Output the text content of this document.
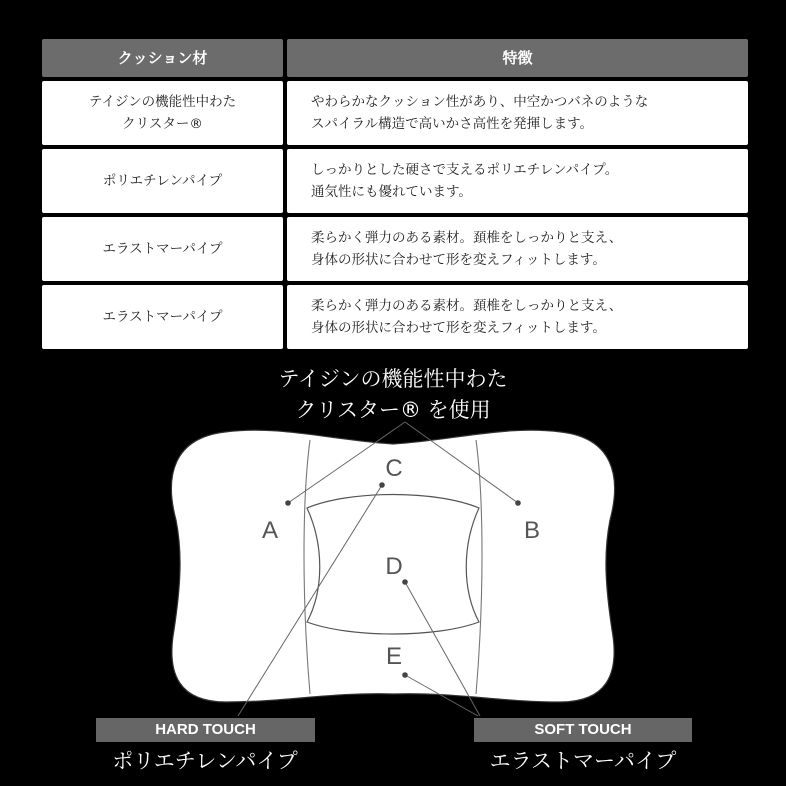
クッション材	特徴
テイジンの機能性中わた
クリスター®
やわらかなクッション性があり、中空かつバネのような
スパイラル構造で高いかさ高性を発揮します。
ポリエチレンパイプ
しっかりとした硬さで支えるポリエチレンパイプ。
通気性にも優れています。
エラストマーパイプ
柔らかく弾力のある素材。頚椎をしっかりと支え、
身体の形状に合わせて形を変えフィットします。
エラストマーパイプ
柔らかく弾力のある素材。頚椎をしっかりと支え、
身体の形状に合わせて形を変えフィットします。
テイジンの機能性中わた
クリスター® を使用
A	B
C
D
E
HARD TOUCH
ポリエチレンパイプ
SOFT TOUCH
エラストマーパイプ
